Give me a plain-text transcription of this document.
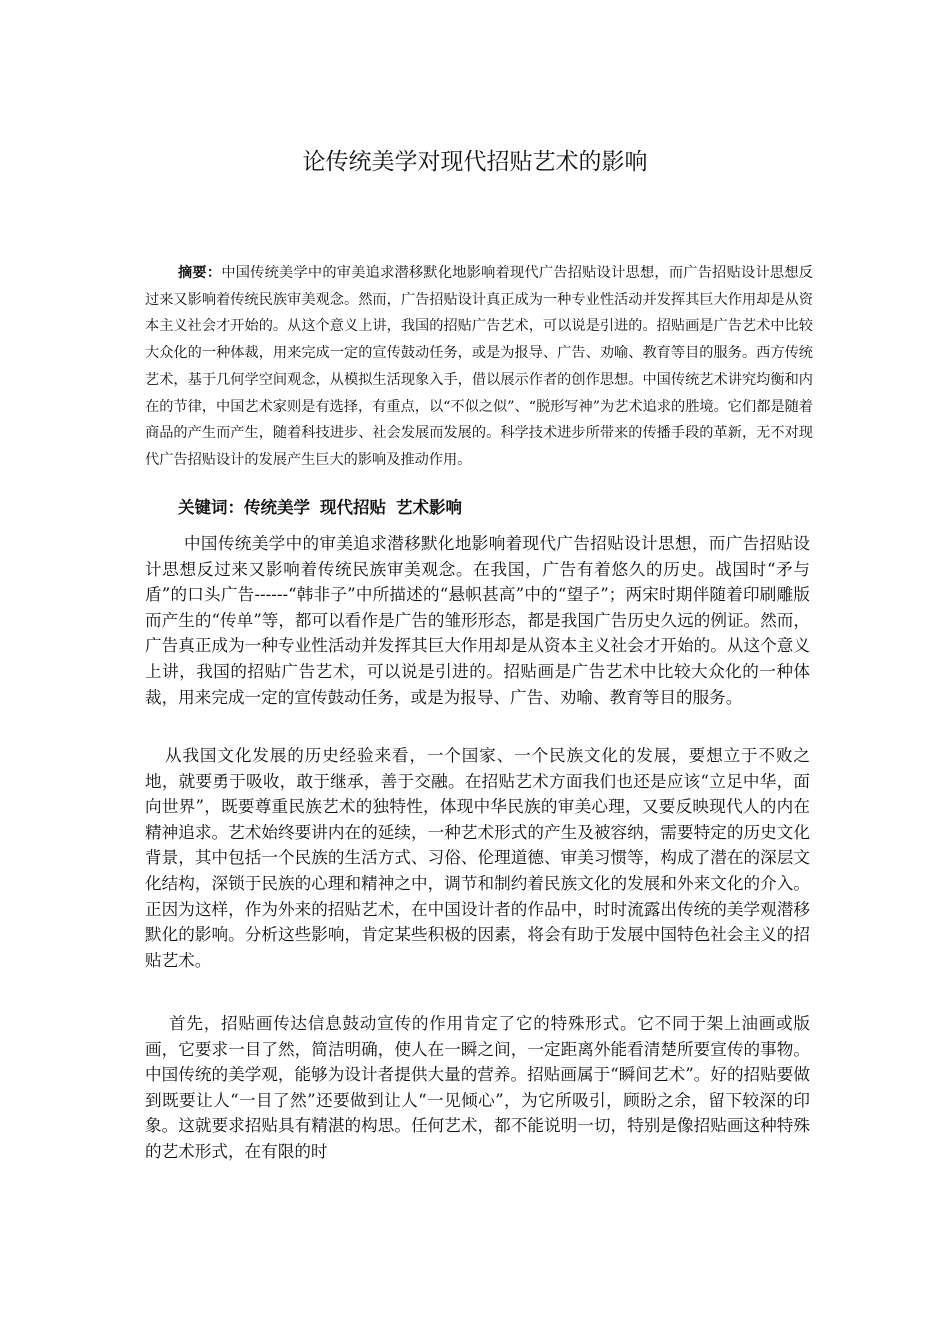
论传统美学对现代招贴艺术的影响

摘要：中国传统美学中的审美追求潜移默化地影响着现代广告招贴设计思想，而广告招贴设计思想反过来又影响着传统民族审美观念。然而，广告招贴设计真正成为一种专业性活动并发挥其巨大作用却是从资本主义社会才开始的。从这个意义上讲，我国的招贴广告艺术，可以说是引进的。招贴画是广告艺术中比较大众化的一种体裁，用来完成一定的宣传鼓动任务，或是为报导、广告、劝喻、教育等目的服务。西方传统艺术，基于几何学空间观念，从模拟生活现象入手，借以展示作者的创作思想。中国传统艺术讲究均衡和内在的节律，中国艺术家则是有选择，有重点，以“不似之似”、“脱形写神”为艺术追求的胜境。它们都是随着商品的产生而产生，随着科技进步、社会发展而发展的。科学技术进步所带来的传播手段的革新，无不对现代广告招贴设计的发展产生巨大的影响及推动作用。

关键词：传统美学 现代招贴 艺术影响

中国传统美学中的审美追求潜移默化地影响着现代广告招贴设计思想，而广告招贴设计思想反过来又影响着传统民族审美观念。在我国，广告有着悠久的历史。战国时“矛与盾”的口头广告------“韩非子”中所描述的“悬帜甚高”中的“望子”；两宋时期伴随着印刷雕版而产生的“传单”等，都可以看作是广告的雏形形态，都是我国广告历史久远的例证。然而，广告真正成为一种专业性活动并发挥其巨大作用却是从资本主义社会才开始的。从这个意义上讲，我国的招贴广告艺术，可以说是引进的。招贴画是广告艺术中比较大众化的一种体裁，用来完成一定的宣传鼓动任务，或是为报导、广告、劝喻、教育等目的服务。

从我国文化发展的历史经验来看，一个国家、一个民族文化的发展，要想立于不败之地，就要勇于吸收，敢于继承，善于交融。在招贴艺术方面我们也还是应该“立足中华，面向世界”，既要尊重民族艺术的独特性，体现中华民族的审美心理，又要反映现代人的内在精神追求。艺术始终要讲内在的延续，一种艺术形式的产生及被容纳，需要特定的历史文化背景，其中包括一个民族的生活方式、习俗、伦理道德、审美习惯等，构成了潜在的深层文化结构，深锁于民族的心理和精神之中，调节和制约着民族文化的发展和外来文化的介入。正因为这样，作为外来的招贴艺术，在中国设计者的作品中，时时流露出传统的美学观潜移默化的影响。分析这些影响，肯定某些积极的因素，将会有助于发展中国特色社会主义的招贴艺术。

首先，招贴画传达信息鼓动宣传的作用肯定了它的特殊形式。它不同于架上油画或版画，它要求一目了然，简洁明确，使人在一瞬之间，一定距离外能看清楚所要宣传的事物。中国传统的美学观，能够为设计者提供大量的营养。招贴画属于“瞬间艺术”。好的招贴要做到既要让人“一目了然”还要做到让人“一见倾心”，为它所吸引，顾盼之余，留下较深的印象。这就要求招贴具有精湛的构思。任何艺术，都不能说明一切，特别是像招贴画这种特殊的艺术形式，在有限的时
